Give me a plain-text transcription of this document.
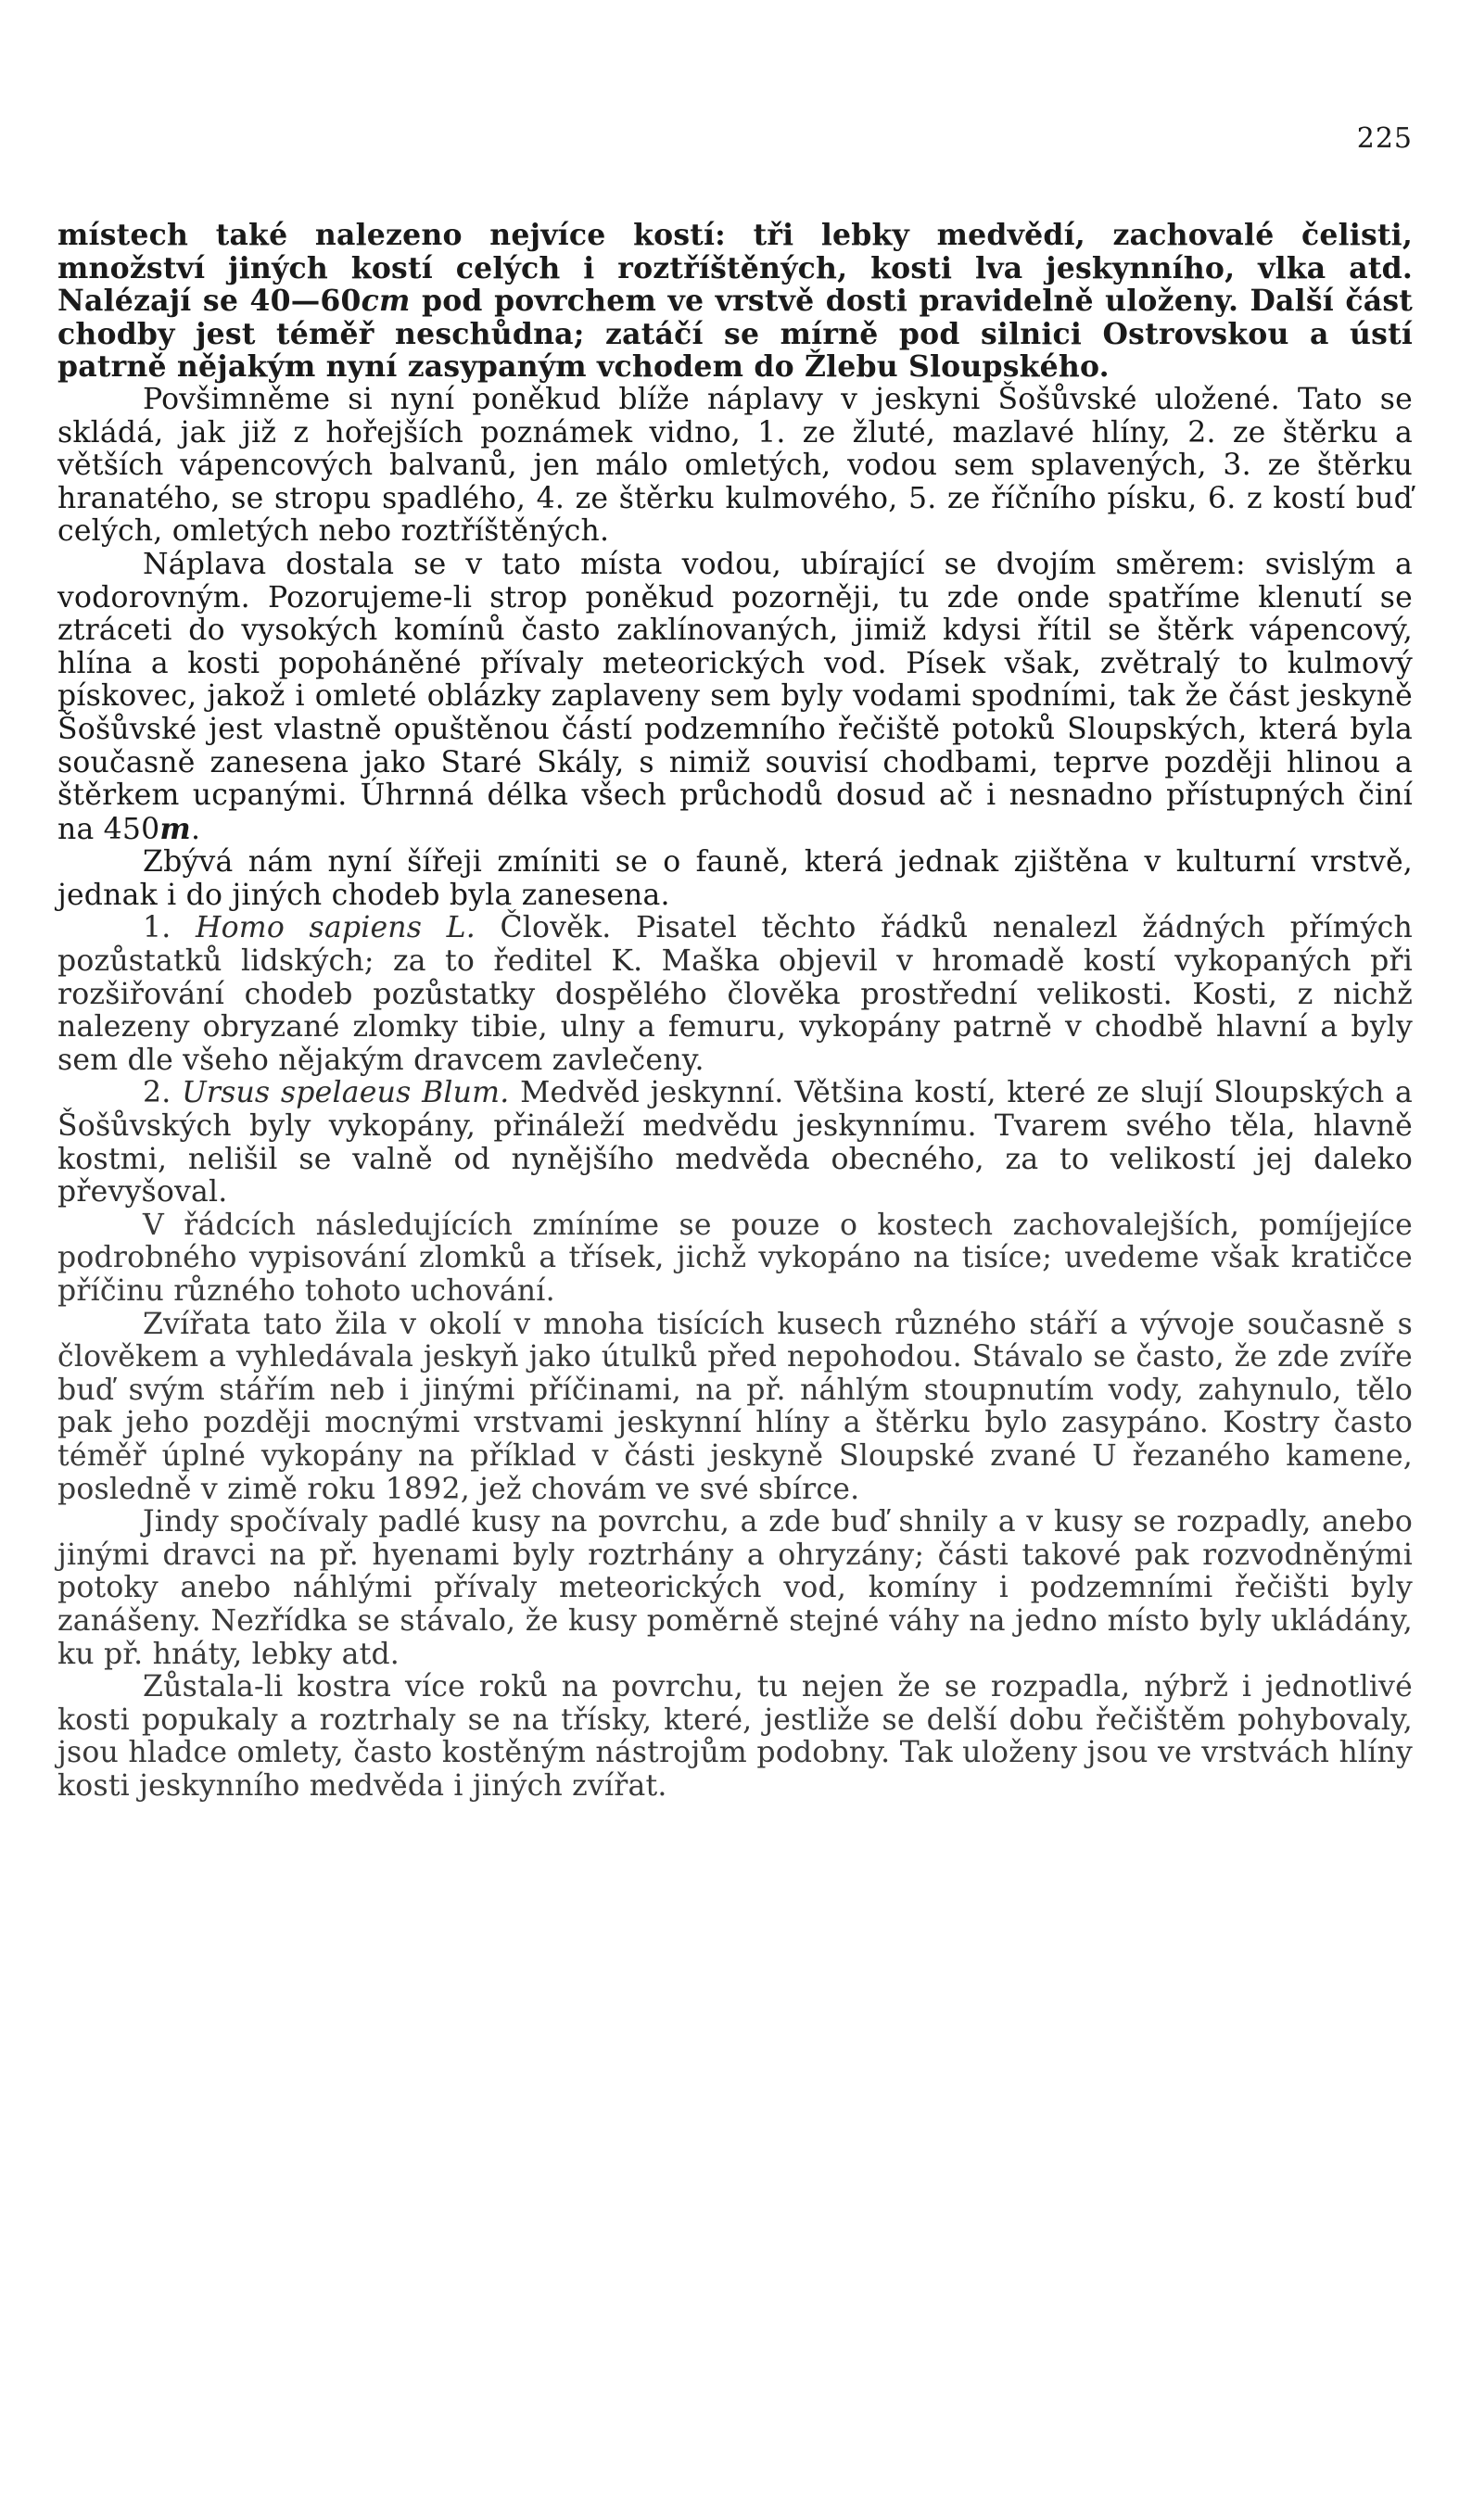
225

místech také nalezeno nejvíce kostí: tři lebky medvědí, zachovalé čelisti, množství jiných kostí celých i roztříštěných, kosti lva jeskynního, vlka atd. Nalézají se 40—60cm pod povrchem ve vrstvě dosti pravidelně uloženy. Další část chodby jest téměř neschůdna; zatáčí se mírně pod silnici Ostrovskou a ústí patrně nějakým nyní zasypaným vchodem do Žlebu Sloupského.

Povšimněme si nyní poněkud blíže náplavy v jeskyni Šošůvské uložené. Tato se skládá, jak již z hořejších poznámek vidno, 1. ze žluté, mazlavé hlíny, 2. ze štěrku a větších vápencových balvanů, jen málo omletých, vodou sem splavených, 3. ze štěrku hranatého, se stropu spadlého, 4. ze štěrku kulmového, 5. ze říčního písku, 6. z kostí buď celých, omletých nebo roztříštěných.

Náplava dostala se v tato místa vodou, ubírající se dvojím směrem: svislým a vodorovným. Pozorujeme-li strop poněkud pozorněji, tu zde onde spatříme klenutí se ztráceti do vysokých komínů často zaklínovaných, jimiž kdysi řítil se štěrk vápencový, hlína a kosti popoháněné přívaly meteorických vod. Písek však, zvětralý to kulmový pískovec, jakož i omleté oblázky zaplaveny sem byly vodami spodními, tak že část jeskyně Šošůvské jest vlastně opuštěnou částí podzemního řečiště potoků Sloupských, která byla současně zanesena jako Staré Skály, s nimiž souvisí chodbami, teprve později hlinou a štěrkem ucpanými. Úhrnná délka všech průchodů dosud ač i nesnadno přístupných činí na 450m.

Zbývá nám nyní šířeji zmíniti se o fauně, která jednak zjištěna v kulturní vrstvě, jednak i do jiných chodeb byla zanesena.

1. Homo sapiens L. Člověk. Pisatel těchto řádků nenalezl žádných přímých pozůstatků lidských; za to ředitel K. Maška objevil v hromadě kostí vykopaných při rozšiřování chodeb pozůstatky dospělého člověka prostřední velikosti. Kosti, z nichž nalezeny obryzané zlomky tibie, ulny a femuru, vykopány patrně v chodbě hlavní a byly sem dle všeho nějakým dravcem zavlečeny.

2. Ursus spelaeus Blum. Medvěd jeskynní. Většina kostí, které ze slují Sloupských a Šošůvských byly vykopány, přináleží medvědu jeskynnímu. Tvarem svého těla, hlavně kostmi, nelišil se valně od nynějšího medvěda obecného, za to velikostí jej daleko převyšoval.

V řádcích následujících zmíníme se pouze o kostech zachovalejších, pomíjejíce podrobného vypisování zlomků a třísek, jichž vykopáno na tisíce; uvedeme však kratičce příčinu různého tohoto uchování.

Zvířata tato žila v okolí v mnoha tisících kusech různého stáří a vývoje současně s člověkem a vyhledávala jeskyň jako útulků před nepohodou. Stávalo se často, že zde zvíře buď svým stářím neb i jinými příčinami, na př. náhlým stoupnutím vody, zahynulo, tělo pak jeho později mocnými vrstvami jeskynní hlíny a štěrku bylo zasypáno. Kostry často téměř úplné vykopány na příklad v části jeskyně Sloupské zvané U řezaného kamene, posledně v zimě roku 1892, jež chovám ve své sbírce.

Jindy spočívaly padlé kusy na povrchu, a zde buď shnily a v kusy se rozpadly, anebo jinými dravci na př. hyenami byly roztrhány a ohryzány; části takové pak rozvodněnými potoky anebo náhlými přívaly meteorických vod, komíny i podzemními řečišti byly zanášeny. Nezřídka se stávalo, že kusy poměrně stejné váhy na jedno místo byly ukládány, ku př. hnáty, lebky atd.

Zůstala-li kostra více roků na povrchu, tu nejen že se rozpadla, nýbrž i jednotlivé kosti popukaly a roztrhaly se na třísky, které, jestliže se delší dobu řečištěm pohybovaly, jsou hladce omlety, často kostěným nástrojům podobny. Tak uloženy jsou ve vrstvách hlíny kosti jeskynního medvěda i jiných zvířat.
